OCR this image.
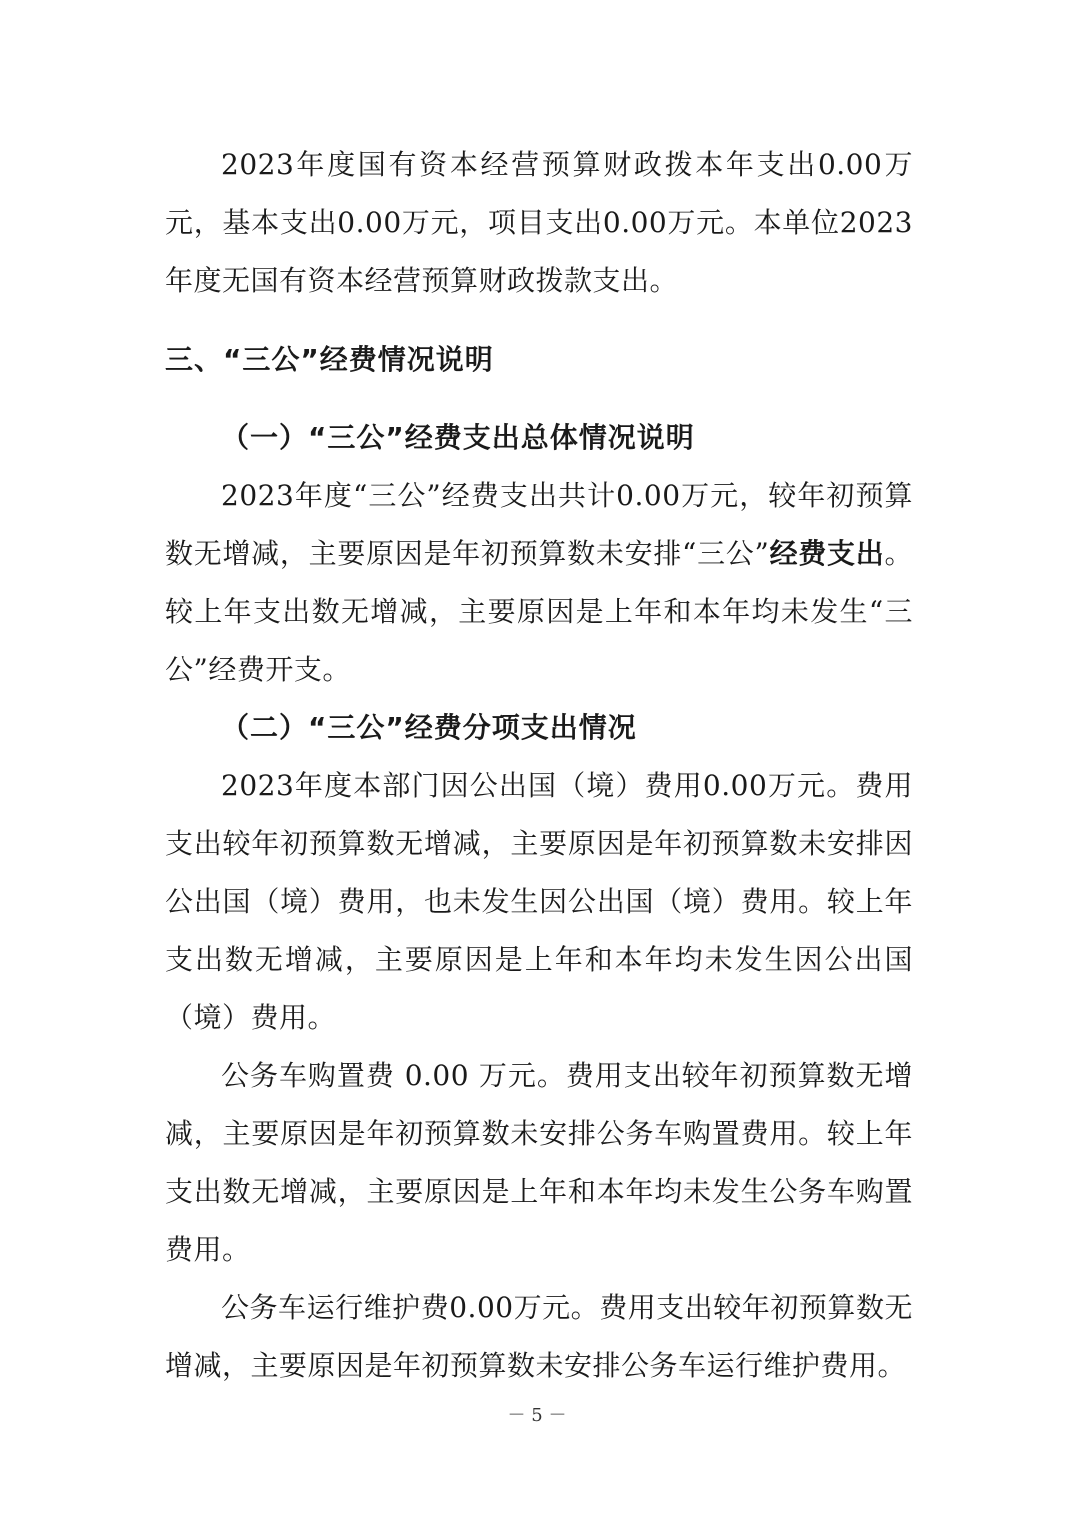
2023年度国有资本经营预算财政拨本年支出0.00万元，基本支出0.00万元，项目支出0.00万元。本单位2023年度无国有资本经营预算财政拨款支出。

三、“三公”经费情况说明
（一）“三公”经费支出总体情况说明

2023年度“三公”经费支出共计0.00万元，较年初预算数无增减，主要原因是年初预算数未安排“三公”经费支出。较上年支出数无增减，主要原因是上年和本年均未发生“三公”经费开支。

（二）“三公”经费分项支出情况

2023年度本部门因公出国（境）费用0.00万元。费用支出较年初预算数无增减，主要原因是年初预算数未安排因公出国（境）费用，也未发生因公出国（境）费用。较上年支出数无增减，主要原因是上年和本年均未发生因公出国（境）费用。

公务车购置费 0.00 万元。费用支出较年初预算数无增减，主要原因是年初预算数未安排公务车购置费用。较上年支出数无增减，主要原因是上年和本年均未发生公务车购置费用。

公务车运行维护费0.00万元。费用支出较年初预算数无增减，主要原因是年初预算数未安排公务车运行维护费用。

－ 5 －
